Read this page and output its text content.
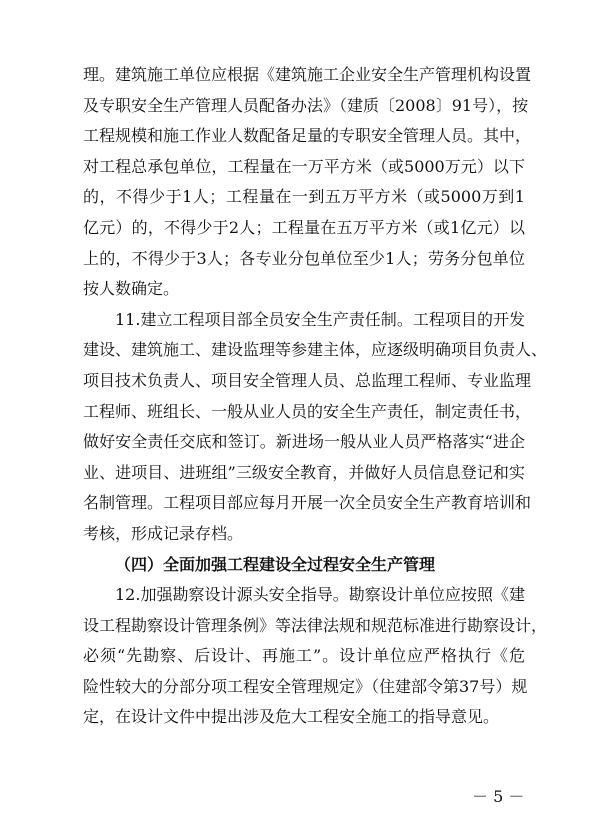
理。建筑施工单位应根据《建筑施工企业安全生产管理机构设置
及专职安全生产管理人员配备办法》（建质〔2008〕91号），按
工程规模和施工作业人数配备足量的专职安全管理人员。其中，
对工程总承包单位，工程量在一万平方米（或5000万元）以下
的，不得少于1人；工程量在一到五万平方米（或5000万到1
亿元）的，不得少于2人；工程量在五万平方米（或1亿元）以
上的，不得少于3人；各专业分包单位至少1人；劳务分包单位
按人数确定。
11.建立工程项目部全员安全生产责任制。工程项目的开发
建设、建筑施工、建设监理等参建主体，应逐级明确项目负责人、
项目技术负责人、项目安全管理人员、总监理工程师、专业监理
工程师、班组长、一般从业人员的安全生产责任，制定责任书，
做好安全责任交底和签订。新进场一般从业人员严格落实“进企
业、进项目、进班组”三级安全教育，并做好人员信息登记和实
名制管理。工程项目部应每月开展一次全员安全生产教育培训和
考核，形成记录存档。
（四）全面加强工程建设全过程安全生产管理
12.加强勘察设计源头安全指导。勘察设计单位应按照《建
设工程勘察设计管理条例》等法律法规和规范标准进行勘察设计，
必须“先勘察、后设计、再施工”。设计单位应严格执行《危
险性较大的分部分项工程安全管理规定》（住建部令第37号）规
定，在设计文件中提出涉及危大工程安全施工的指导意见。
－ 5 －
